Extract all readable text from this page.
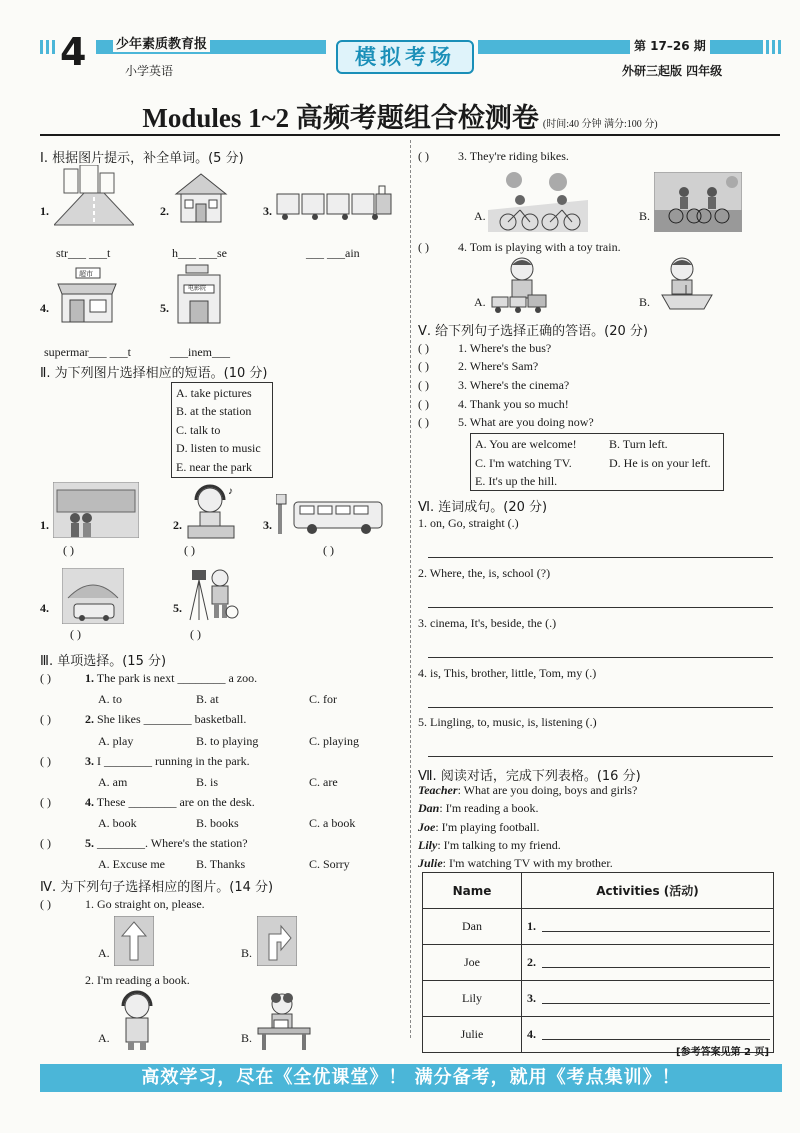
4 少年素质教育报
小学英语
模拟考场	第 17–26 期
外研三起版 四年级
Modules 1~2 高频考题组合检测卷 (时间:40 分钟 满分:100 分)
Ⅰ. 根据图片提示，补全单词。(5 分)
1.
str___ ___t
2.
h___ ___se
3.
___ ___ain
4.
超市
supermar___ ___t
5.
电影院
___inem___
Ⅱ. 为下列图片选择相应的短语。(10 分)
A. take pictures
B. at the station
C. talk to
D. listen to music
E. near the park
1.
( )
2.
♪
( )
3.
( )
4.
( )
5.
( )
Ⅲ. 单项选择。(15 分)
( )	1. The park is next ________ a zoo.
A. to	B. at	C. for
( )	2. She likes ________ basketball.
A. play	B. to playing	C. playing
( )	3. I ________ running in the park.
A. am	B. is	C. are
( )	4. These ________ are on the desk.
A. book	B. books	C. a book
( )	5. ________. Where's the station?
A. Excuse me	B. Thanks	C. Sorry
Ⅳ. 为下列句子选择相应的图片。(14 分)
( )	1. Go straight on, please.
A.	B.
2. I'm reading a book.
A.	B.
( ) 3. They're riding bikes.
A.	B.
( ) 4. Tom is playing with a toy train.
A.	B.
Ⅴ. 给下列句子选择正确的答语。(20 分)
( ) 1. Where's the bus?
( ) 2. Where's Sam?
( ) 3. Where's the cinema?
( ) 4. Thank you so much!
( ) 5. What are you doing now?
A. You are welcome!	B. Turn left.
C. I'm watching TV.	D. He is on your left.
E. It's up the hill.
Ⅵ. 连词成句。(20 分)
1. on, Go, straight (.)
2. Where, the, is, school (?)
3. cinema, It's, beside, the (.)
4. is, This, brother, little, Tom, my (.)
5. Lingling, to, music, is, listening (.)
Ⅶ. 阅读对话，完成下列表格。(16 分)
Teacher: What are you doing, boys and girls?
Dan: I'm reading a book.
Joe: I'm playing football.
Lily: I'm talking to my friend.
Julie: I'm watching TV with my brother.
Name	Activities (活动)
Dan	1.
Joe	2.
Lily	3.
Julie	4.
[参考答案见第 2 页]
高效学习，尽在《全优课堂》！ 满分备考，就用《考点集训》！
